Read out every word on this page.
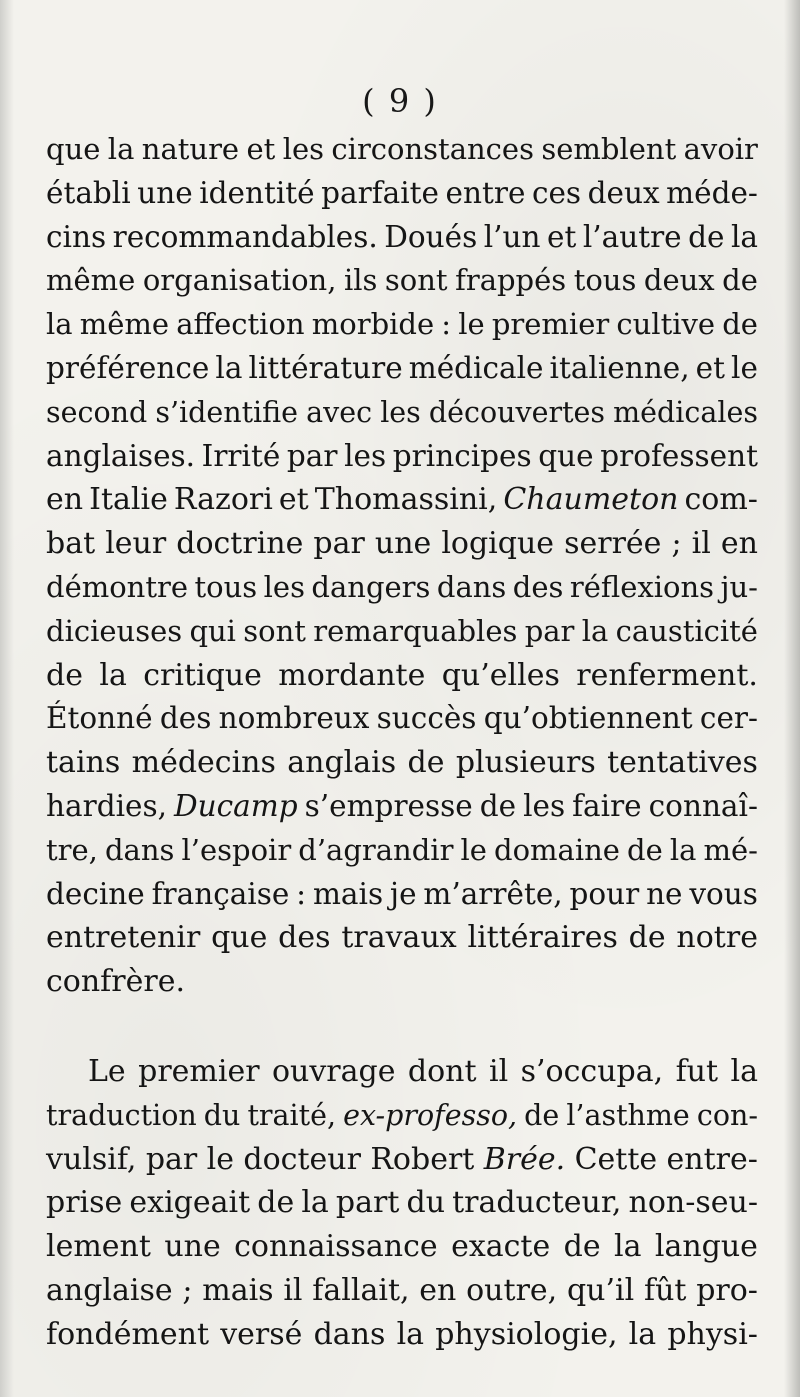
( 9 )
que la nature et les circonstances semblent avoir
établi une identité parfaite entre ces deux méde-
cins recommandables. Doués l’un et l’autre de la
même organisation, ils sont frappés tous deux de
la même affection morbide : le premier cultive de
préférence la littérature médicale italienne, et le
second s’identifie avec les découvertes médicales
anglaises. Irrité par les principes que professent
en Italie Razori et Thomassini, Chaumeton com-
bat leur doctrine par une logique serrée ; il en
démontre tous les dangers dans des réflexions ju-
dicieuses qui sont remarquables par la causticité
de la critique mordante qu’elles renferment.
Étonné des nombreux succès qu’obtiennent cer-
tains médecins anglais de plusieurs tentatives
hardies, Ducamp s’empresse de les faire connaî-
tre, dans l’espoir d’agrandir le domaine de la mé-
decine française : mais je m’arrête, pour ne vous
entretenir que des travaux littéraires de notre
confrère.
Le premier ouvrage dont il s’occupa, fut la
traduction du traité, ex-professo, de l’asthme con-
vulsif, par le docteur Robert Brée. Cette entre-
prise exigeait de la part du traducteur, non-seu-
lement une connaissance exacte de la langue
anglaise ; mais il fallait, en outre, qu’il fût pro-
fondément versé dans la physiologie, la physi-
